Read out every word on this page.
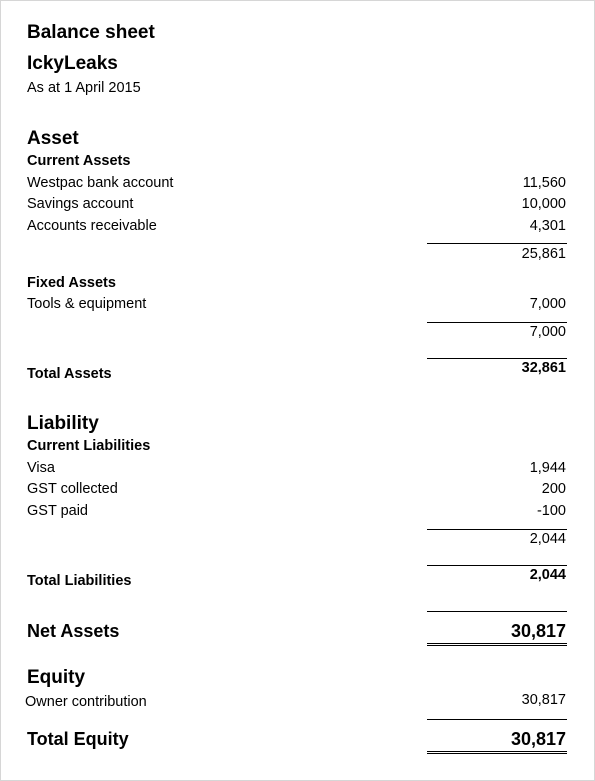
Balance sheet
IckyLeaks
As at 1 April 2015
Asset
Current Assets
Westpac bank account	11,560
Savings account	10,000
Accounts receivable	4,301
25,861
Fixed Assets
Tools & equipment	7,000
7,000
Total Assets	32,861
Liability
Current Liabilities
Visa	1,944
GST collected	200
GST paid	-100
2,044
Total Liabilities	2,044
Net Assets	30,817
Equity
Owner contribution	30,817
Total Equity	30,817
